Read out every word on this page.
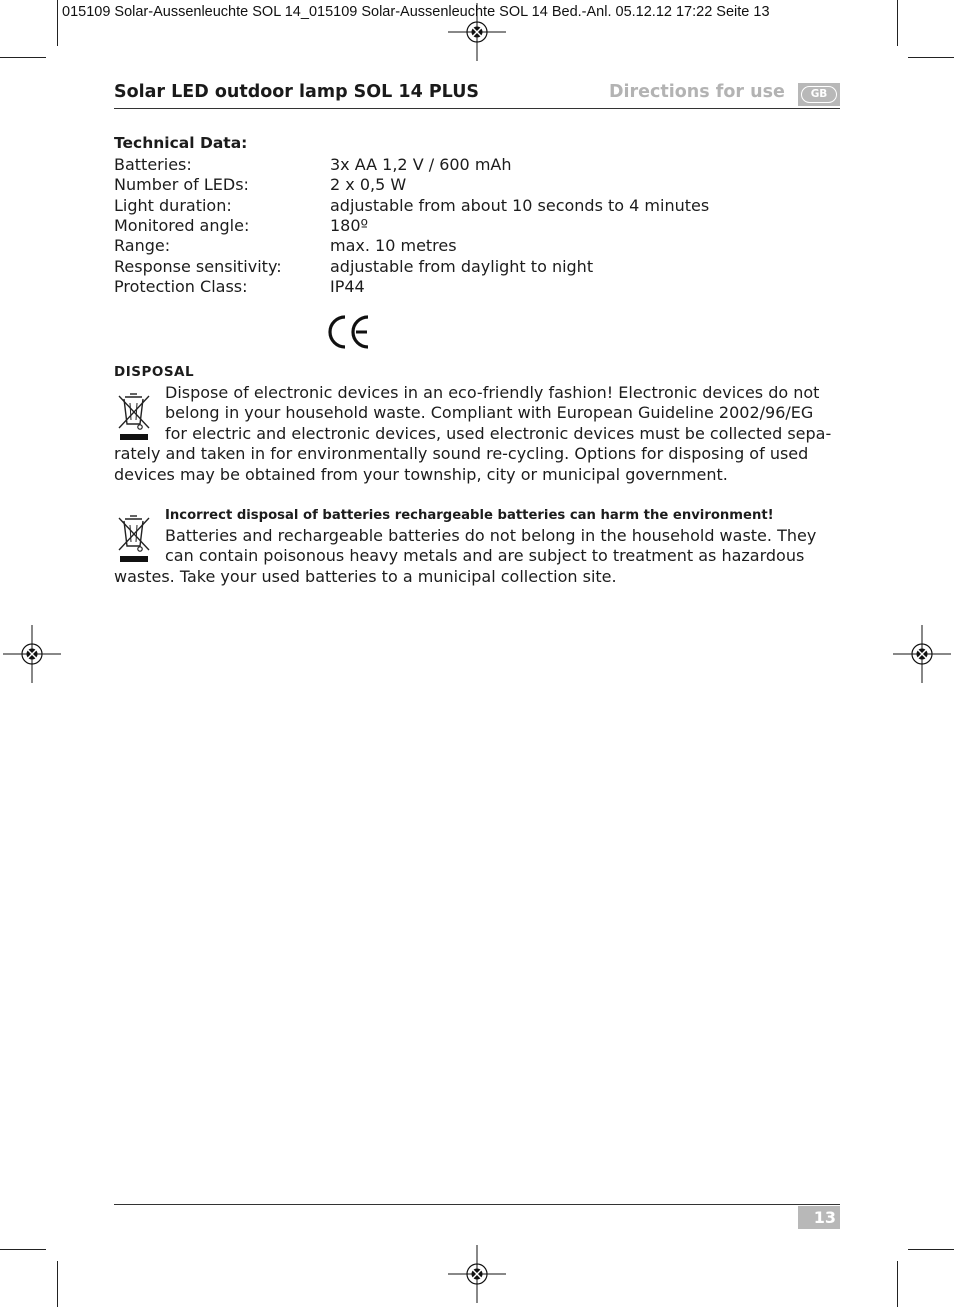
015109 Solar-Aussenleuchte SOL 14_015109 Solar-Aussenleuchte SOL 14 Bed.-Anl. 05.12.12 17:22 Seite 13
Solar LED outdoor lamp SOL 14 PLUS	Directions for use	GB
Technical Data:
Batteries:	3x AA 1,2 V / 600 mAh
Number of LEDs:	2 x 0,5 W
Light duration:	adjustable from about 10 seconds to 4 minutes
Monitored angle:	180º
Range:	max. 10 metres
Response sensitivity:	adjustable from daylight to night
Protection Class:	IP44
DISPOSAL
Dispose of electronic devices in an eco-friendly fashion! Electronic devices do not
belong in your household waste. Compliant with European Guideline 2002/96/EG
for electric and electronic devices, used electronic devices must be collected sepa-
rately and taken in for environmentally sound re-cycling. Options for disposing of used
devices may be obtained from your township, city or municipal government.
Incorrect disposal of batteries rechargeable batteries can harm the environment!
Batteries and rechargeable batteries do not belong in the household waste. They
can contain poisonous heavy metals and are subject to treatment as hazardous
wastes. Take your used batteries to a municipal collection site.
13
